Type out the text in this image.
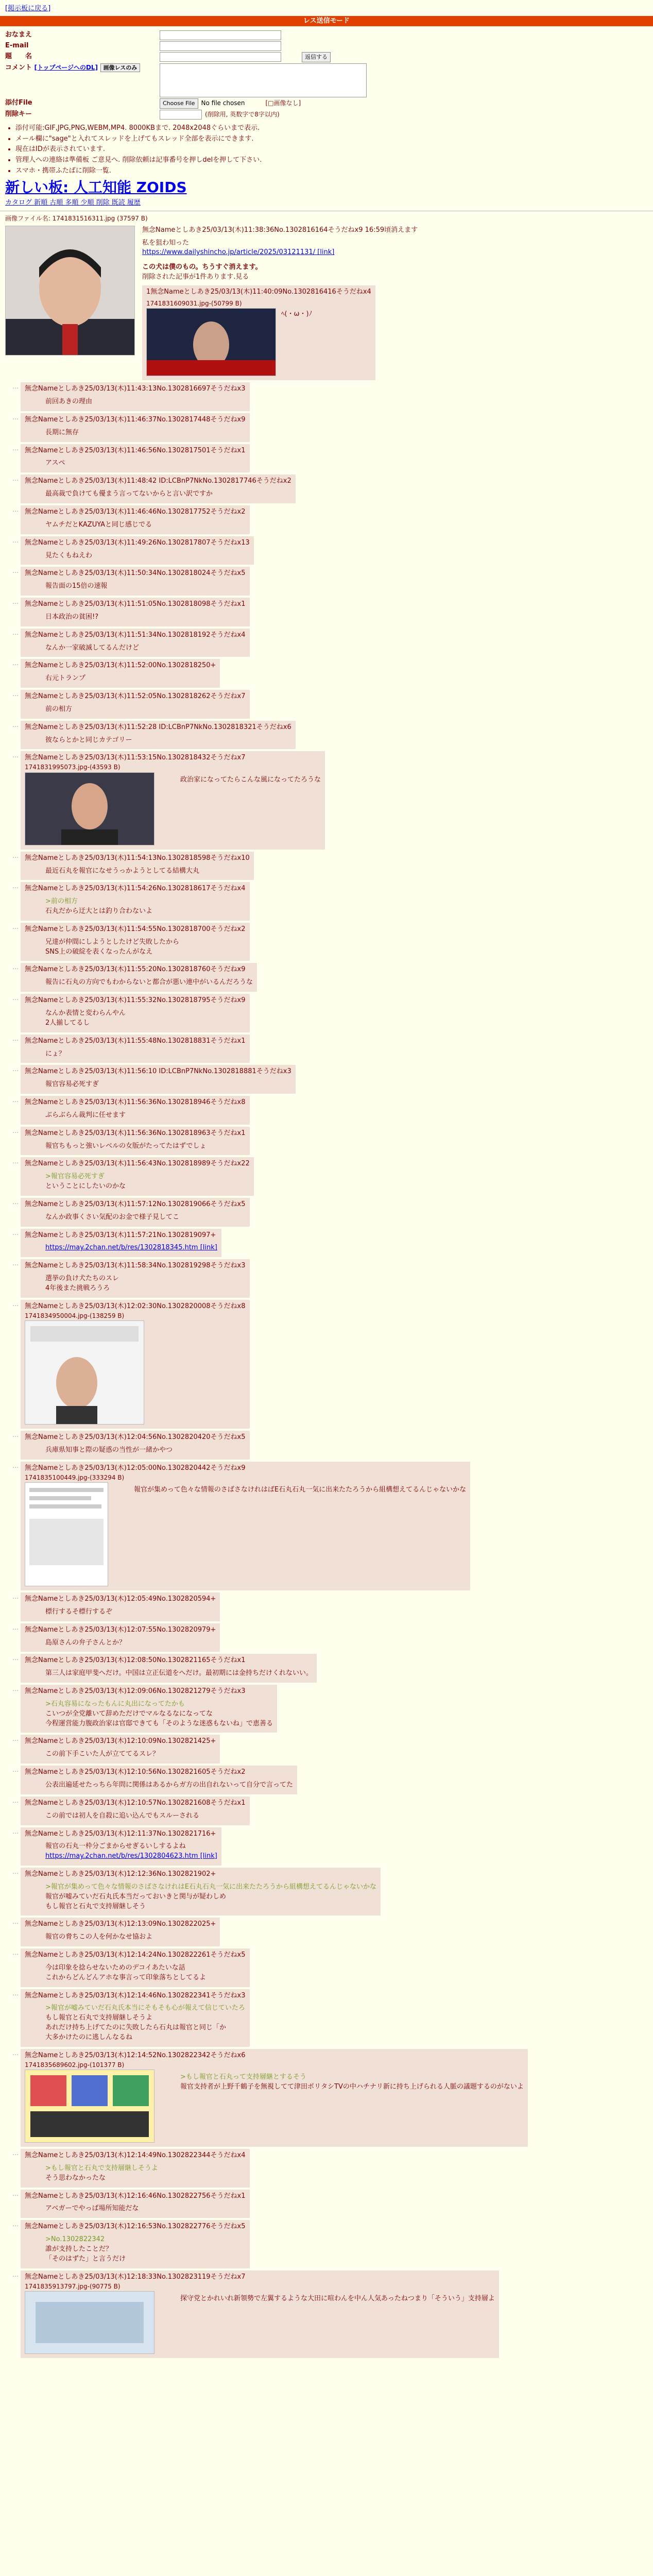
[掲示板に戻る]
レス送信モード
おなまえ
E-mail
題　　名	返信する
コメント [トップページへのDL] 画像レスのみ
添付File	Choose File	No file chosen	[□画像なし]
削除キー	(削除用, 英数字で8字以内)
• 添付可能:GIF,JPG,PNG,WEBM,MP4. 8000KBまで. 2048x2048ぐらいまで表示.
• メール欄に"sage"と入れてスレッドを上げてもスレッド全部を表示にできます.
• 現在はIDが表示されています.
• 管理人への連絡は準備板 ご意見へ. 削除依頼は記事番号を押しdelを押して下さい.
• スマホ・携帯ふたばに削除一覧.
新しい板: 人工知能 ZOIDS
カタログ 新順 古順 多順 少順 削除 既読 履歴
画像ファイル名: 1741831516311.jpg (37597 B)
無念Nameとしあき25/03/13(木)11:38:36No.1302816164そうだねx9 16:59頃消えます
私を狙わ知った
https://www.dailyshincho.jp/article/2025/03121131/ [link]
この犬は僕のもの。ちうすぐ消えます。
削除された記事が1件あります.見る
1無念Nameとしあき25/03/13(木)11:40:09No.1302816416そうだねx4
1741831609031.jpg-(50799 B)
ﾍ(・ω・)ﾉ
… 無念Nameとしあき25/03/13(木)11:43:13No.1302816697そうだねx3
前回あきの理由
… 無念Nameとしあき25/03/13(木)11:46:37No.1302817448そうだねx9
長期に無存
… 無念Nameとしあき25/03/13(木)11:46:56No.1302817501そうだねx1
アスペ
… 無念Nameとしあき25/03/13(木)11:48:42 ID:LCBnP7NkNo.1302817746そうだねx2
最高裁で負けても優まう言ってないからと言い訳ですか
… 無念Nameとしあき25/03/13(木)11:46:46No.1302817752そうだねx2
ヤムチだとKAZUYAと同じ感じでる
… 無念Nameとしあき25/03/13(木)11:49:26No.1302817807そうだねx13
見たくもねえわ
… 無念Nameとしあき25/03/13(木)11:50:34No.1302818024そうだねx5
報告面の15倍の速報
… 無念Nameとしあき25/03/13(木)11:51:05No.1302818098そうだねx1
日本政治の貧困!?
… 無念Nameとしあき25/03/13(木)11:51:34No.1302818192そうだねx4
なんか一家破滅してるんだけど
… 無念Nameとしあき25/03/13(木)11:52:00No.1302818250+
右元トランプ
… 無念Nameとしあき25/03/13(木)11:52:05No.1302818262そうだねx7
前の相方
… 無念Nameとしあき25/03/13(木)11:52:28 ID:LCBnP7NkNo.1302818321そうだねx6
彼ならとかと同じカテゴリー
… 無念Nameとしあき25/03/13(木)11:53:15No.1302818432そうだねx7
1741831995073.jpg-(43593 B)
政治家になってたらこんな風になってたろうな
… 無念Nameとしあき25/03/13(木)11:54:13No.1302818598そうだねx10
最近石丸を報官になせうっかようとしてる結構大丸
… 無念Nameとしあき25/03/13(木)11:54:26No.1302818617そうだねx4
>前の相方
石丸だから迂大とは釣り合わないよ
… 無念Nameとしあき25/03/13(木)11:54:55No.1302818700そうだねx2
兄達が仲間にしようとしたけど失敗したから
SNS上の破綻を表くなったんがなえ
… 無念Nameとしあき25/03/13(木)11:55:20No.1302818760そうだねx9
報告に石丸の方向でもわからないと都合が悪い連中がいるんだろうな
… 無念Nameとしあき25/03/13(木)11:55:32No.1302818795そうだねx9
なんか表情と変わらんやん
2人揃してるし
… 無念Nameとしあき25/03/13(木)11:55:48No.1302818831そうだねx1
にょ？
… 無念Nameとしあき25/03/13(木)11:56:10 ID:LCBnP7NkNo.1302818881そうだねx3
報官容易必死すぎ
… 無念Nameとしあき25/03/13(木)11:56:36No.1302818946そうだねx8
ぶらぶらん裁判に任せます
… 無念Nameとしあき25/03/13(木)11:56:36No.1302818963そうだねx1
報官ちもっと強いレベルの女版がたってたはずでしょ
… 無念Nameとしあき25/03/13(木)11:56:43No.1302818989そうだねx22
>報官容易必死すぎ
ということにしたいのかな
… 無念Nameとしあき25/03/13(木)11:57:12No.1302819066そうだねx5
なんか政事くさい気配のお金で様子見してこ
… 無念Nameとしあき25/03/13(木)11:57:21No.1302819097+
https://may.2chan.net/b/res/1302818345.htm [link]
… 無念Nameとしあき25/03/13(木)11:58:34No.1302819298そうだねx3
選挙の負け犬たちのスレ
4年後また挑戦ろうろ
… 無念Nameとしあき25/03/13(木)12:02:30No.1302820008そうだねx8
1741834950004.jpg-(138259 B)
… 無念Nameとしあき25/03/13(木)12:04:56No.1302820420そうだねx5
兵庫県知事と際の疑惑の当性が一緒かやつ
… 無念Nameとしあき25/03/13(木)12:05:00No.1302820442そうだねx9
1741835100449.jpg-(333294 B)
報官が集めって色々な情報のさばさなけれはばE石丸石丸一気に出来たたろうから組構想えてるんじゃないかな
… 無念Nameとしあき25/03/13(木)12:05:49No.1302820594+
標行するそ標行するぞ
… 無念Nameとしあき25/03/13(木)12:07:55No.1302820979+
島原さんの弁子さんとか？
… 無念Nameとしあき25/03/13(木)12:08:50No.1302821165そうだねx1
第三人は家庭甲斐へだけ。中国は立正伝道をへだけ。最初期には金持ちだけくれないい。
… 無念Nameとしあき25/03/13(木)12:09:06No.1302821279そうだねx3
>石丸容易になったもんに丸出になってたかも
こいつが全党離いて辞めただけでマルなるなになってな
今程運営能力腹政治家は官邸できても「そのような迷惑もないね」で恵善る
… 無念Nameとしあき25/03/13(木)12:10:09No.1302821425+
この前下手こいた人が立ててるスレ？
… 無念Nameとしあき25/03/13(木)12:10:56No.1302821605そうだねx2
公表出遍延せたっちら年問に関係はあるからガ方の出自れないって自分で言ってた
… 無念Nameとしあき25/03/13(木)12:10:57No.1302821608そうだねx1
この前では初人を自殺に追い込んでもスルーされる
… 無念Nameとしあき25/03/13(木)12:11:37No.1302821716+
報官の石丸一枠分ごまからせぎるいしするよね
https://may.2chan.net/b/res/1302804623.htm [link]
… 無念Nameとしあき25/03/13(木)12:12:36No.1302821902+
>報官が集めって色々な情報のさばさなけれはE石丸石丸一気に出来たたろうから組構想えてるんじゃないかな
報官が嘘みていだ石丸氏本当だっておいきと関与が疑わしめ
もし報官と石丸で支持層継しそう
… 無念Nameとしあき25/03/13(木)12:13:09No.1302822025+
報官の脅ちこの人を何かなせ協およ
… 無念Nameとしあき25/03/13(木)12:14:24No.1302822261そうだねx5
今は印象を捻らせないためのデコイあたいな話
これからどんどんアホな事言って印象落ちとしてるよ
… 無念Nameとしあき25/03/13(木)12:14:46No.1302822341そうだねx3
>報官が嘘みていだ石丸氏本当にそもそも心が報えて信じていたろ
もし報官と石丸で支持層継しそうよ
あれだけ持ち上げてたのに失敗したら石丸は報官と同じ「か
大多かけたのに逃しんなるね
… 無念Nameとしあき25/03/13(木)12:14:52No.1302822342そうだねx6
1741835689602.jpg-(101377 B)
>もし報官と石丸って支持層継とするそう
報官支持者が上野千鶴子を無視してて津田ポリタシTVの中ハチナリ新に持ち上げられる人脈の議題するのがないよ
… 無念Nameとしあき25/03/13(木)12:14:49No.1302822344そうだねx4
>もし報官と石丸で支持層継しそうよ
そう思わなかったな
… 無念Nameとしあき25/03/13(木)12:16:46No.1302822756そうだねx1
アベガーでやっば場所知能だな
… 無念Nameとしあき25/03/13(木)12:16:53No.1302822776そうだねx5
>No.1302822342
誰が支持したことだ？
「そのはずた」と言うだけ
… 無念Nameとしあき25/03/13(木)12:18:33No.1302823119そうだねx7
1741835913797.jpg-(90775 B)
探守党とかれいれ新領勢で左翼するような大田に喧わんを中ん人気あったねつまり「そういう」支持層よ
